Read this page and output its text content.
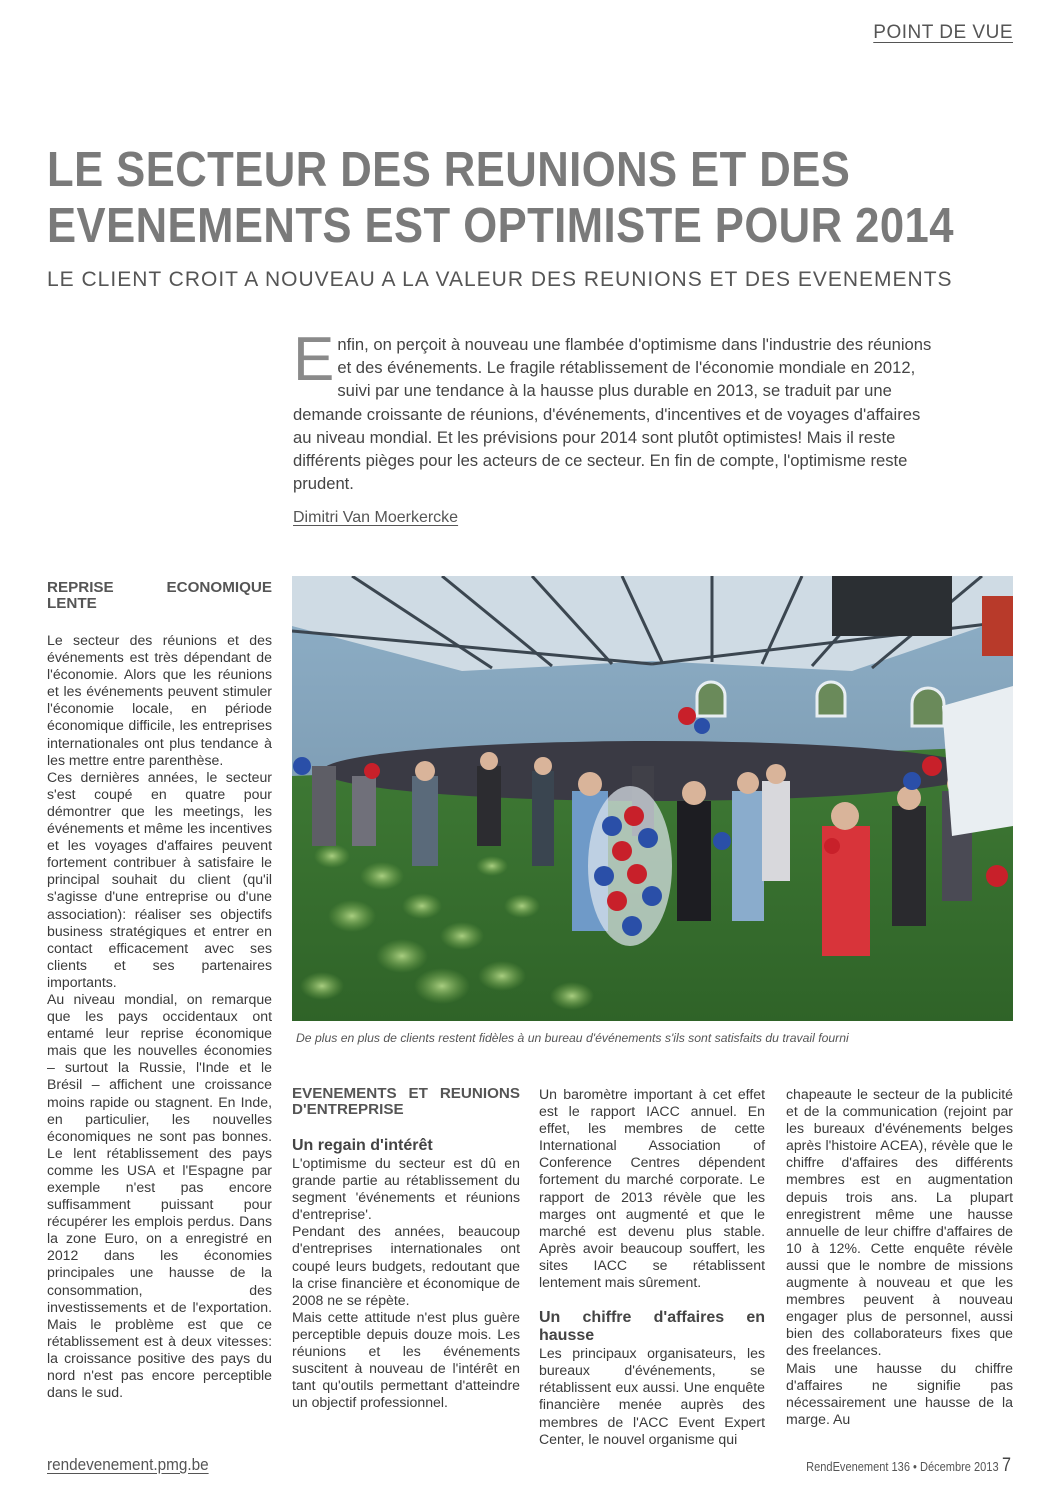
POINT DE VUE
LE SECTEUR DES REUNIONS ET DES
EVENEMENTS EST OPTIMISTE POUR 2014
LE CLIENT CROIT A NOUVEAU A LA VALEUR DES REUNIONS ET DES EVENEMENTS

Enfin, on perçoit à nouveau une flambée d'optimisme dans l'industrie des réunions et des événements. Le fragile rétablissement de l'économie mondiale en 2012, suivi par une tendance à la hausse plus durable en 2013, se traduit par une demande croissante de réunions, d'événements, d'incentives et de voyages d'affaires au niveau mondial. Et les prévisions pour 2014 sont plutôt optimistes! Mais il reste différents pièges pour les acteurs de ce secteur. En fin de compte, l'optimisme reste prudent.

Dimitri Van Moerkercke
REPRISE ECONOMIQUE LENTE

Le secteur des réunions et des événements est très dépendant de l'économie. Alors que les réunions et les événements peuvent stimuler l'économie locale, en période économique difficile, les entreprises internationales ont plus tendance à les mettre entre parenthèse.

Ces dernières années, le secteur s'est coupé en quatre pour démontrer que les meetings, les événements et même les incentives et les voyages d'affaires peuvent fortement contribuer à satisfaire le principal souhait du client (qu'il s'agisse d'une entreprise ou d'une association): réaliser ses objectifs business stratégiques et entrer en contact efficacement avec ses clients et ses partenaires importants.

Au niveau mondial, on remarque que les pays occidentaux ont entamé leur reprise économique mais que les nouvelles économies – surtout la Russie, l'Inde et le Brésil – affichent une croissance moins rapide ou stagnent. En Inde, en particulier, les nouvelles économiques ne sont pas bonnes. Le lent rétablissement des pays comme les USA et l'Espagne par exemple n'est pas encore suffisamment puissant pour récupérer les emplois perdus. Dans la zone Euro, on a enregistré en 2012 dans les économies principales une hausse de la consommation, des investissements et de l'exportation. Mais le problème est que ce rétablissement est à deux vitesses: la croissance positive des pays du nord n'est pas encore perceptible dans le sud.

De plus en plus de clients restent fidèles à un bureau d'événements s'ils sont satisfaits du travail fourni
EVENEMENTS ET REUNIONS D'ENTREPRISE
Un regain d'intérêt

L'optimisme du secteur est dû en grande partie au rétablissement du segment 'événements et réunions d'entreprise'.

Pendant des années, beaucoup d'entreprises internationales ont coupé leurs budgets, redoutant que la crise financière et économique de 2008 ne se répète.

Mais cette attitude n'est plus guère perceptible depuis douze mois. Les réunions et les événements suscitent à nouveau de l'intérêt en tant qu'outils permettant d'atteindre un objectif professionnel.

Un baromètre important à cet effet est le rapport IACC annuel. En effet, les membres de cette International Association of Conference Centres dépendent fortement du marché corporate. Le rapport de 2013 révèle que les marges ont augmenté et que le marché est devenu plus stable. Après avoir beaucoup souffert, les sites IACC se rétablissent lentement mais sûrement.

Un chiffre d'affaires en hausse

Les principaux organisateurs, les bureaux d'événements, se rétablissent eux aussi. Une enquête financière menée auprès des membres de l'ACC Event Expert Center, le nouvel organisme qui

chapeaute le secteur de la publicité et de la communication (rejoint par les bureaux d'événements belges après l'histoire ACEA), révèle que le chiffre d'affaires des différents membres est en augmentation depuis trois ans. La plupart enregistrent même une hausse annuelle de leur chiffre d'affaires de 10 à 12%. Cette enquête révèle aussi que le nombre de missions augmente à nouveau et que les membres peuvent à nouveau engager plus de personnel, aussi bien des collaborateurs fixes que des freelances.

Mais une hausse du chiffre d'affaires ne signifie pas nécessairement une hausse de la marge. Au

rendevenement.pmg.be	RendEvenement 136 • Décembre 2013 7
